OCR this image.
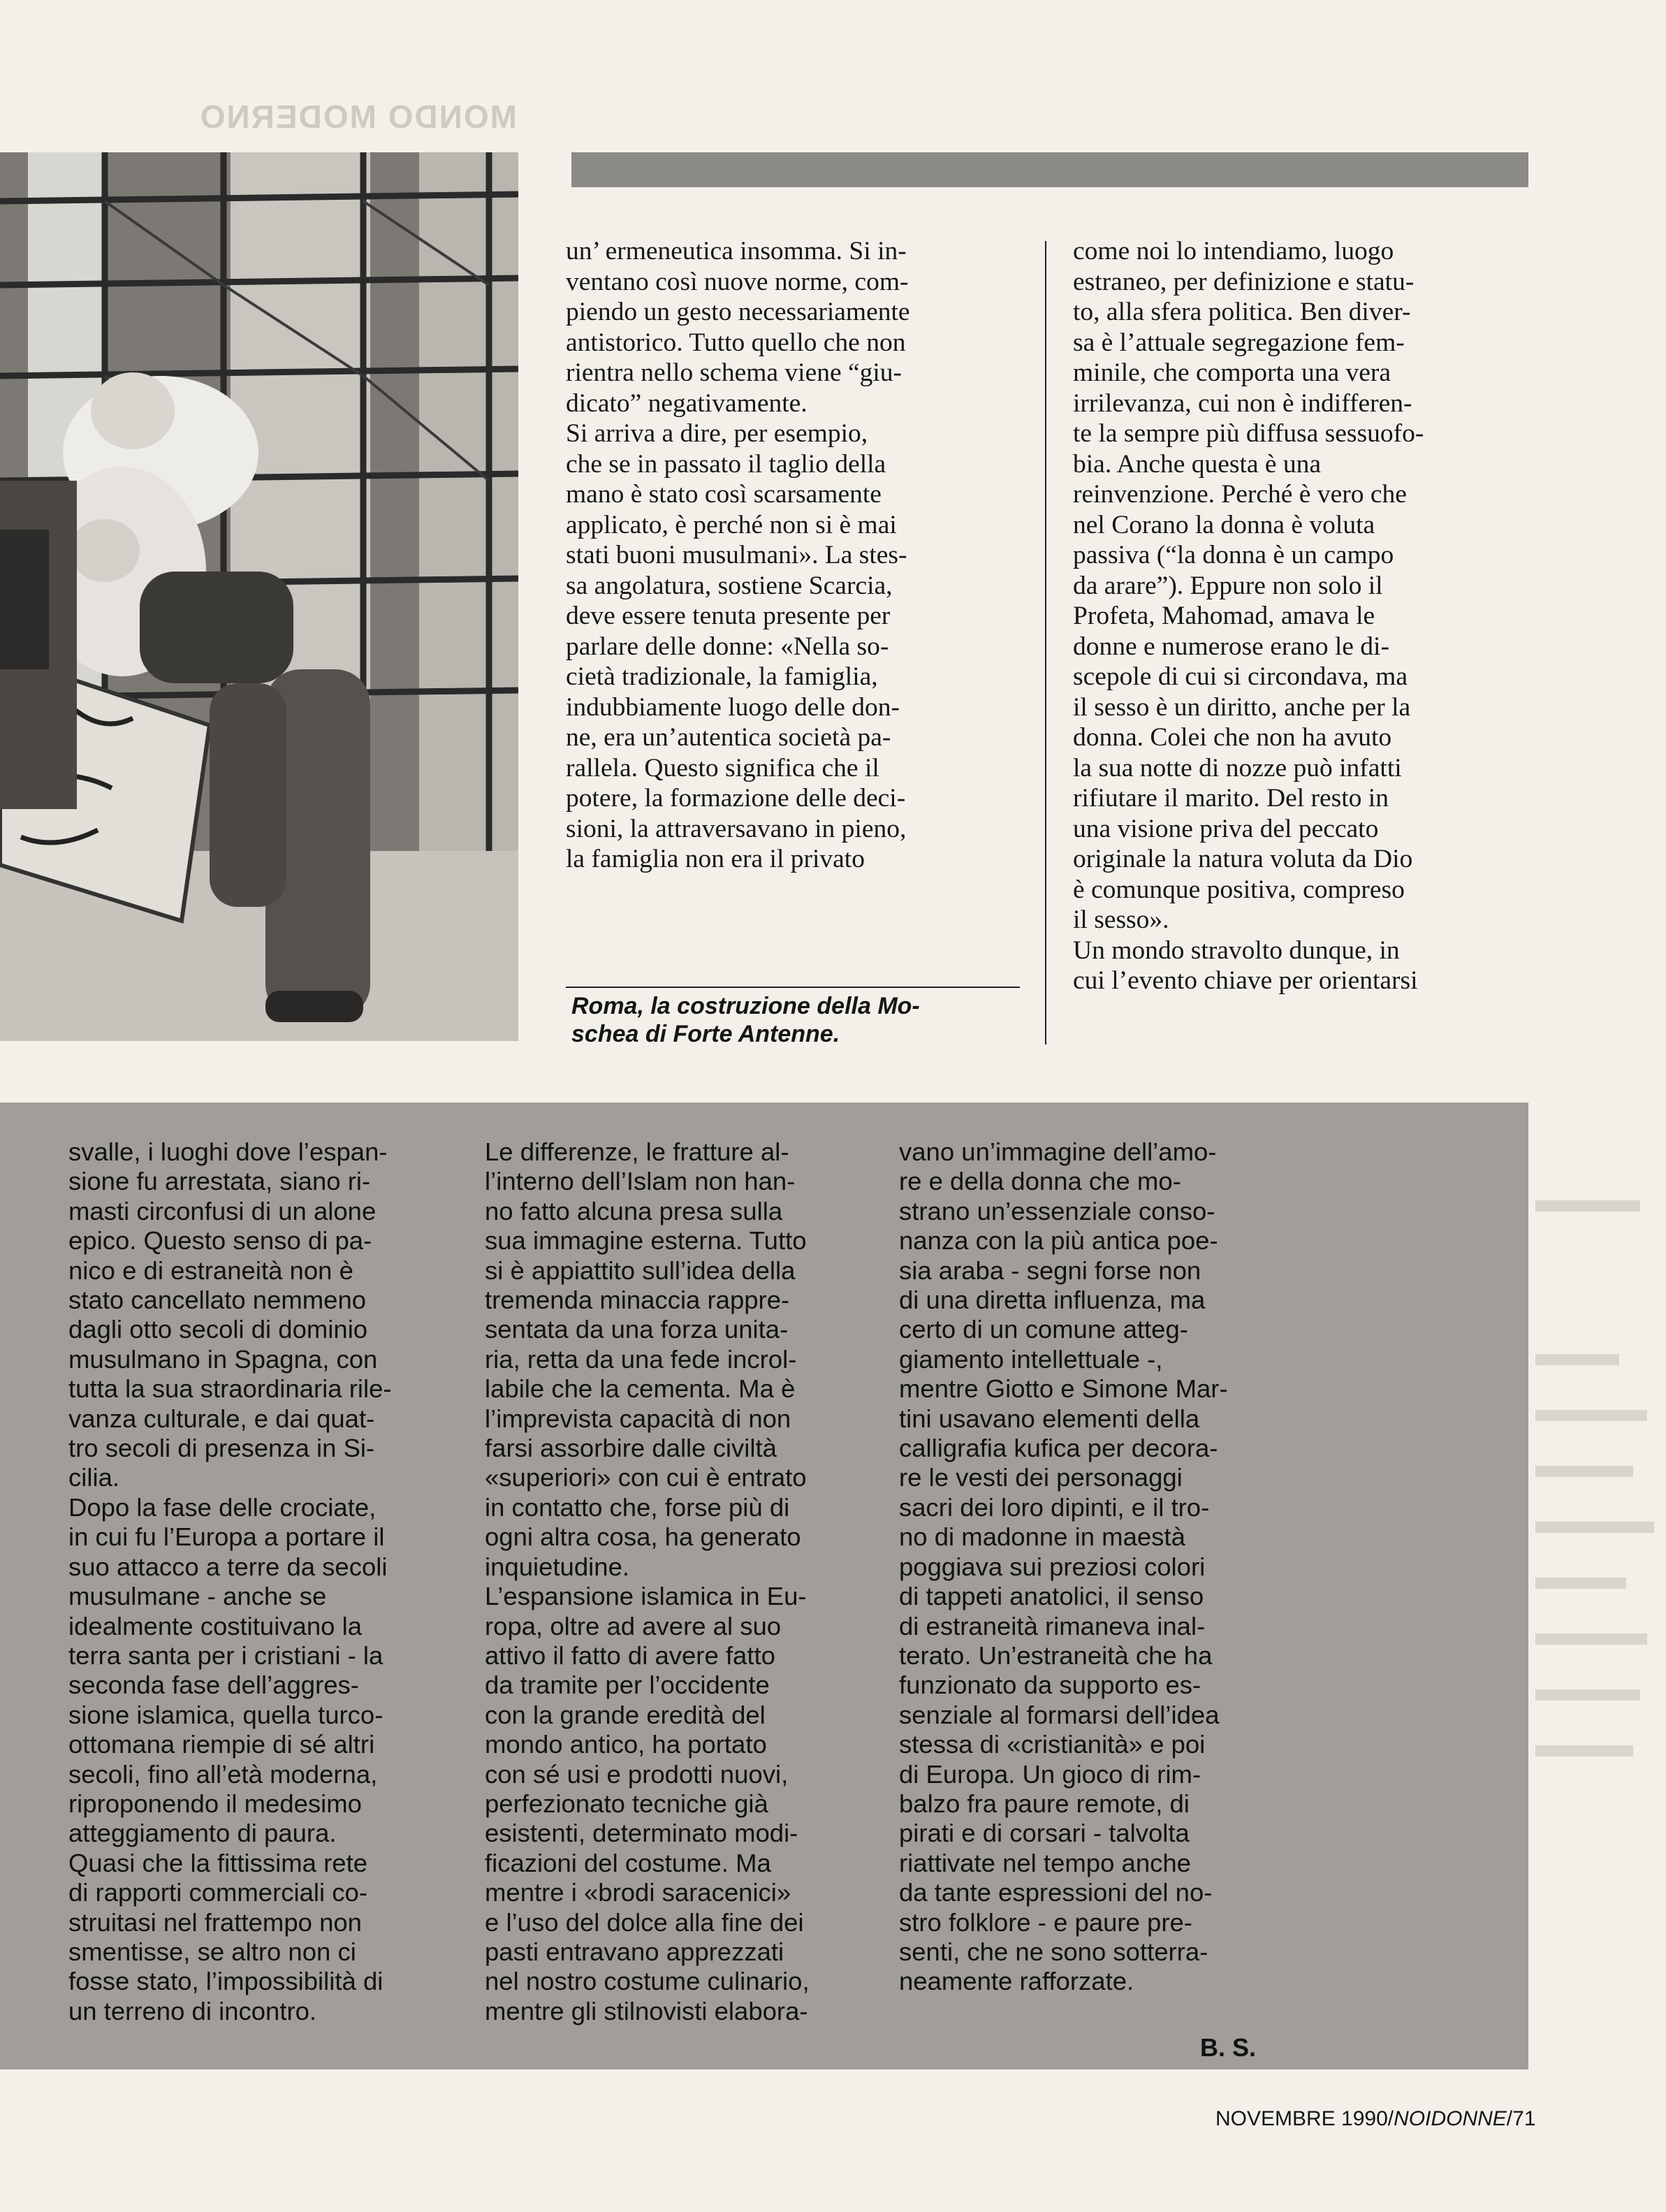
MONDO MODERNO

un’ ermeneutica insomma. Si in-

ventano così nuove norme, com-

piendo un gesto necessariamente

antistorico. Tutto quello che non

rientra nello schema viene “giu-

dicato” negativamente.

Si arriva a dire, per esempio,

che se in passato il taglio della

mano è stato così scarsamente

applicato, è perché non si è mai

stati buoni musulmani». La stes-

sa angolatura, sostiene Scarcia,

deve essere tenuta presente per

parlare delle donne: «Nella so-

cietà tradizionale, la famiglia,

indubbiamente luogo delle don-

ne, era un’autentica società pa-

rallela. Questo significa che il

potere, la formazione delle deci-

sioni, la attraversavano in pieno,

la famiglia non era il privato

come noi lo intendiamo, luogo

estraneo, per definizione e statu-

to, alla sfera politica. Ben diver-

sa è l’attuale segregazione fem-

minile, che comporta una vera

irrilevanza, cui non è indifferen-

te la sempre più diffusa sessuofo-

bia. Anche questa è una

reinvenzione. Perché è vero che

nel Corano la donna è voluta

passiva (“la donna è un campo

da arare”). Eppure non solo il

Profeta, Mahomad, amava le

donne e numerose erano le di-

scepole di cui si circondava, ma

il sesso è un diritto, anche per la

donna. Colei che non ha avuto

la sua notte di nozze può infatti

rifiutare il marito. Del resto in

una visione priva del peccato

originale la natura voluta da Dio

è comunque positiva, compreso

il sesso».

Un mondo stravolto dunque, in

cui l’evento chiave per orientarsi

Roma, la costruzione della Mo-
schea di Forte Antenne.

svalle, i luoghi dove l’espan-

sione fu arrestata, siano ri-

masti circonfusi di un alone

epico. Questo senso di pa-

nico e di estraneità non è

stato cancellato nemmeno

dagli otto secoli di dominio

musulmano in Spagna, con

tutta la sua straordinaria rile-

vanza culturale, e dai quat-

tro secoli di presenza in Si-

cilia.

Dopo la fase delle crociate,

in cui fu l’Europa a portare il

suo attacco a terre da secoli

musulmane - anche se

idealmente costituivano la

terra santa per i cristiani - la

seconda fase dell’aggres-

sione islamica, quella turco-

ottomana riempie di sé altri

secoli, fino all’età moderna,

riproponendo il medesimo

atteggiamento di paura.

Quasi che la fittissima rete

di rapporti commerciali co-

struitasi nel frattempo non

smentisse, se altro non ci

fosse stato, l’impossibilità di

un terreno di incontro.

Le differenze, le fratture al-

l’interno dell’Islam non han-

no fatto alcuna presa sulla

sua immagine esterna. Tutto

si è appiattito sull’idea della

tremenda minaccia rappre-

sentata da una forza unita-

ria, retta da una fede incrol-

labile che la cementa. Ma è

l’imprevista capacità di non

farsi assorbire dalle civiltà

«superiori» con cui è entrato

in contatto che, forse più di

ogni altra cosa, ha generato

inquietudine.

L’espansione islamica in Eu-

ropa, oltre ad avere al suo

attivo il fatto di avere fatto

da tramite per l’occidente

con la grande eredità del

mondo antico, ha portato

con sé usi e prodotti nuovi,

perfezionato tecniche già

esistenti, determinato modi-

ficazioni del costume. Ma

mentre i «brodi saracenici»

e l’uso del dolce alla fine dei

pasti entravano apprezzati

nel nostro costume culinario,

mentre gli stilnovisti elabora-

vano un’immagine dell’amo-

re e della donna che mo-

strano un’essenziale conso-

nanza con la più antica poe-

sia araba - segni forse non

di una diretta influenza, ma

certo di un comune atteg-

giamento intellettuale -,

mentre Giotto e Simone Mar-

tini usavano elementi della

calligrafia kufica per decora-

re le vesti dei personaggi

sacri dei loro dipinti, e il tro-

no di madonne in maestà

poggiava sui preziosi colori

di tappeti anatolici, il senso

di estraneità rimaneva inal-

terato. Un’estraneità che ha

funzionato da supporto es-

senziale al formarsi dell’idea

stessa di «cristianità» e poi

di Europa. Un gioco di rim-

balzo fra paure remote, di

pirati e di corsari - talvolta

riattivate nel tempo anche

da tante espressioni del no-

stro folklore - e paure pre-

senti, che ne sono sotterra-

neamente rafforzate.

B. S.
NOVEMBRE 1990/NOIDONNE/71
